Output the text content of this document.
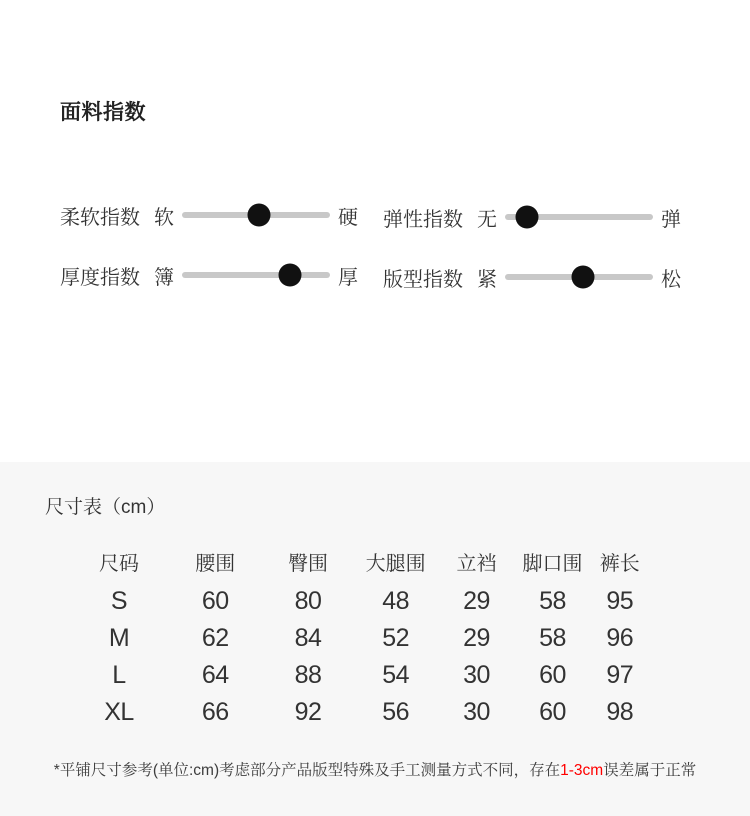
面料指数
柔软指数 软	硬 弹性指数 无	弹
厚度指数 簿	厚 版型指数 紧	松
尺寸表（cm）
尺码	腰围	臀围	大腿围	立裆	脚口围 裤长
S	60	80	48	29	58	95
M	62	84	52	29	58	96
L	64	88	54	30	60	97
XL	66	92	56	30	60	98

*平铺尺寸参考(单位:cm)考虑部分产品版型特殊及手工测量方式不同，存在1-3cm误差属于正常
